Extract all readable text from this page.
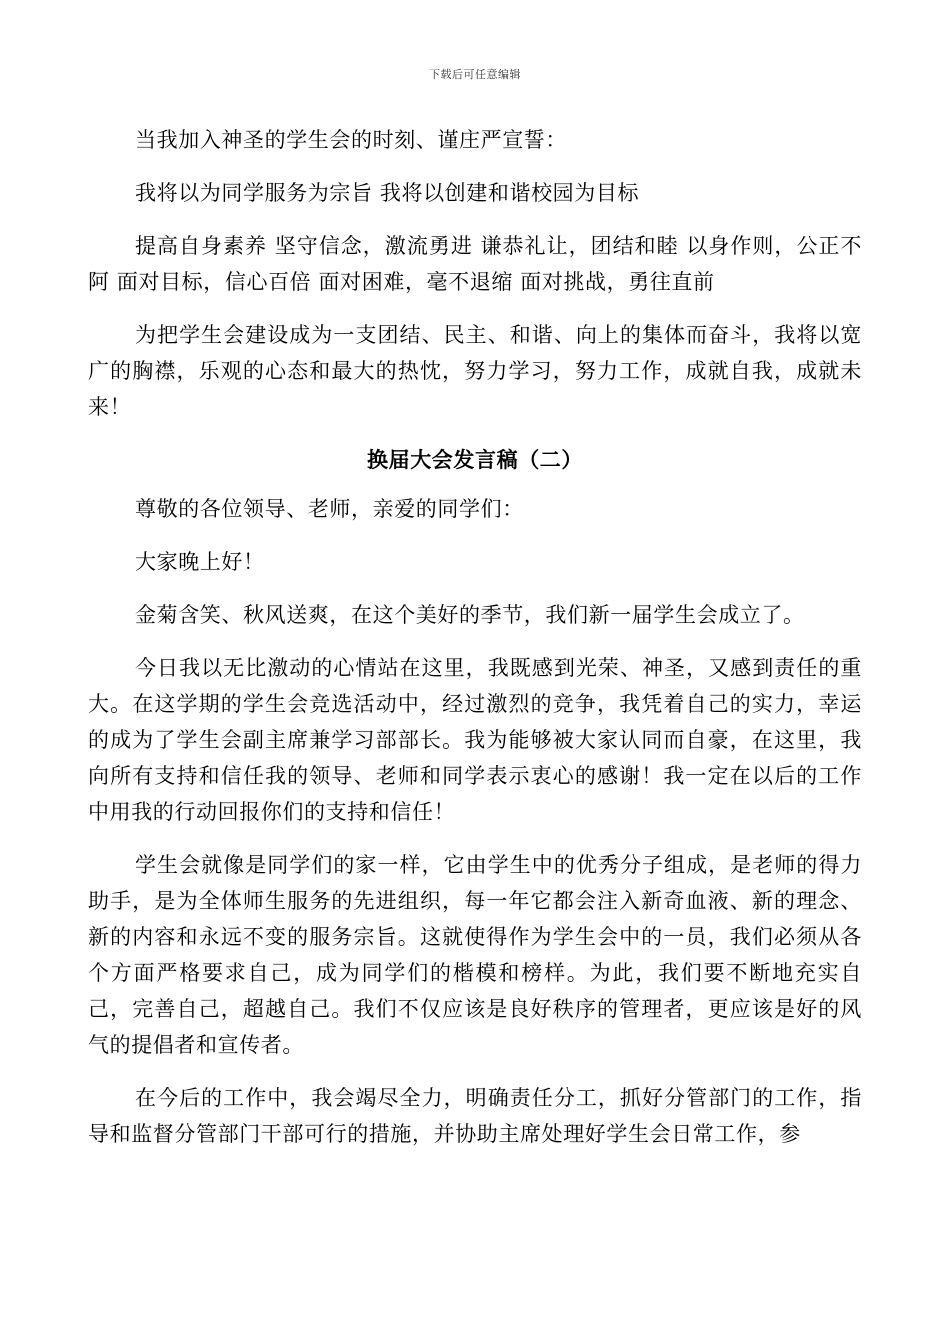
下载后可任意编辑

当我加入神圣的学生会的时刻、谨庄严宣誓：

我将以为同学服务为宗旨 我将以创建和谐校园为目标

提高自身素养 坚守信念，激流勇进 谦恭礼让，团结和睦 以身作则，公正不阿 面对目标，信心百倍 面对困难，毫不退缩 面对挑战，勇往直前

为把学生会建设成为一支团结、民主、和谐、向上的集体而奋斗，我将以宽广的胸襟，乐观的心态和最大的热忱，努力学习，努力工作，成就自我，成就未来！

换届大会发言稿（二）

尊敬的各位领导、老师，亲爱的同学们：

大家晚上好！

金菊含笑、秋风送爽，在这个美好的季节，我们新一届学生会成立了。

今日我以无比激动的心情站在这里，我既感到光荣、神圣，又感到责任的重大。在这学期的学生会竞选活动中，经过激烈的竞争，我凭着自己的实力，幸运的成为了学生会副主席兼学习部部长。我为能够被大家认同而自豪，在这里，我向所有支持和信任我的领导、老师和同学表示衷心的感谢！我一定在以后的工作中用我的行动回报你们的支持和信任！

学生会就像是同学们的家一样，它由学生中的优秀分子组成，是老师的得力助手，是为全体师生服务的先进组织，每一年它都会注入新奇血液、新的理念、新的内容和永远不变的服务宗旨。这就使得作为学生会中的一员，我们必须从各个方面严格要求自己，成为同学们的楷模和榜样。为此，我们要不断地充实自己，完善自己，超越自己。我们不仅应该是良好秩序的管理者，更应该是好的风气的提倡者和宣传者。

在今后的工作中，我会竭尽全力，明确责任分工，抓好分管部门的工作，指导和监督分管部门干部可行的措施，并协助主席处理好学生会日常工作，参
